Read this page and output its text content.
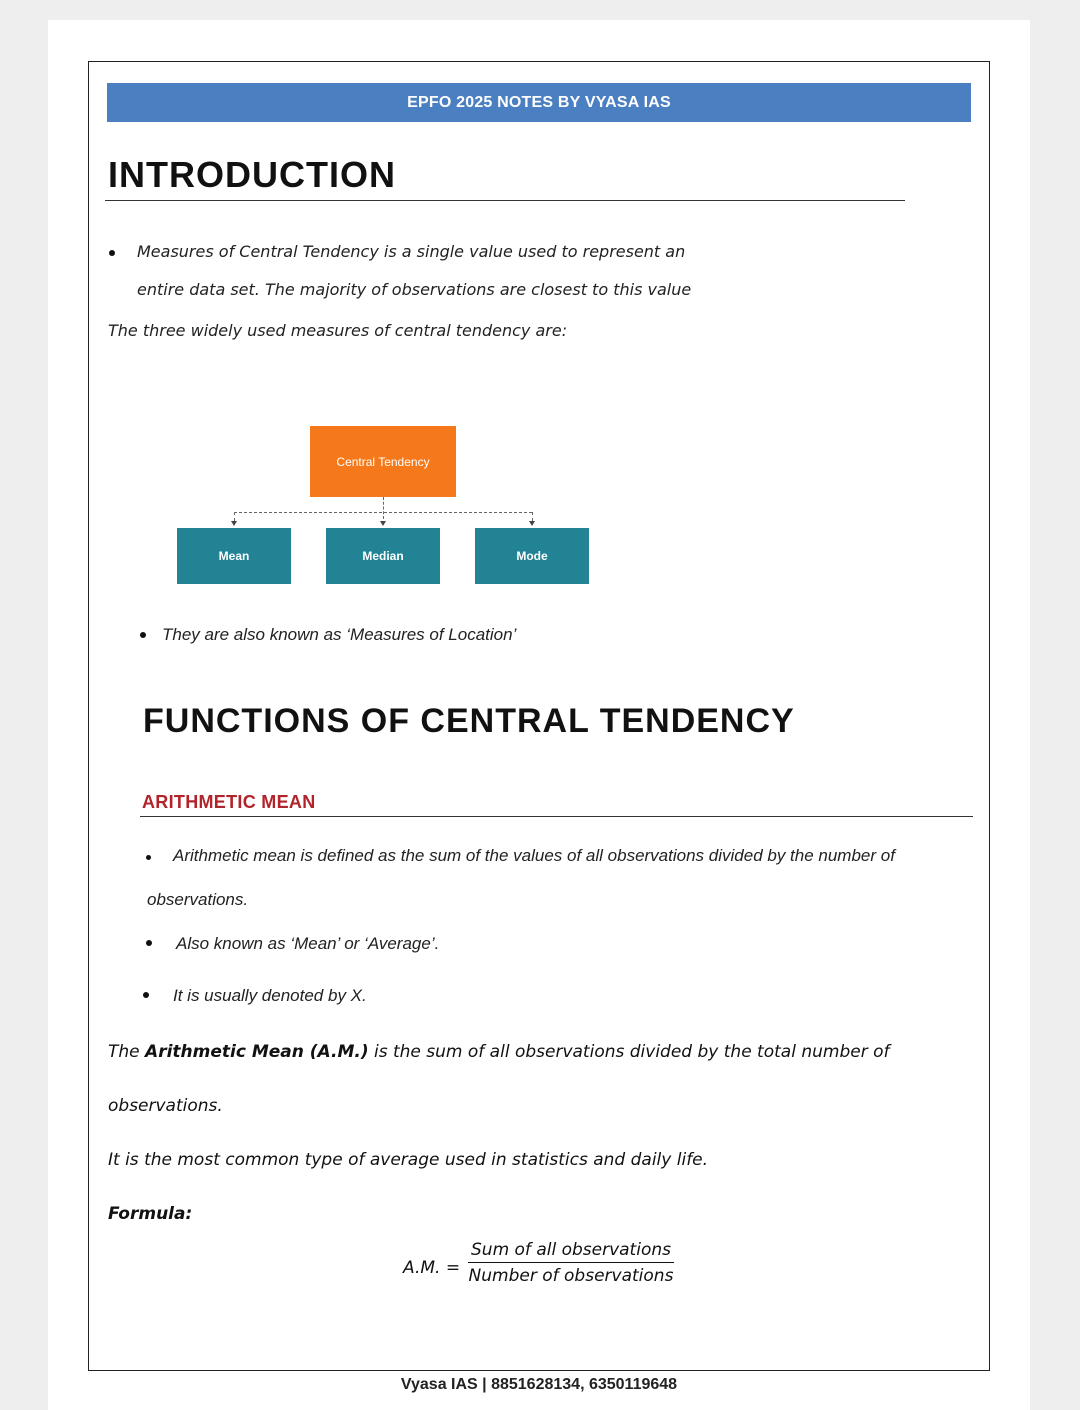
EPFO 2025 NOTES BY VYASA IAS
INTRODUCTION
Measures of Central Tendency is a single value used to represent an
entire data set. The majority of observations are closest to this value
The three widely used measures of central tendency are:
Central Tendency
Mean	Median	Mode
They are also known as ‘Measures of Location’
FUNCTIONS OF CENTRAL TENDENCY
ARITHMETIC MEAN
Arithmetic mean is defined as the sum of the values of all observations divided by the number of
observations.
Also known as ‘Mean’ or ‘Average’.
It is usually denoted by X.
The Arithmetic Mean (A.M.) is the sum of all observations divided by the total number of
observations.
It is the most common type of average used in statistics and daily life.
Formula:
A.M. =
Sum of all observations
Number of observations
Vyasa IAS | 8851628134, 6350119648
